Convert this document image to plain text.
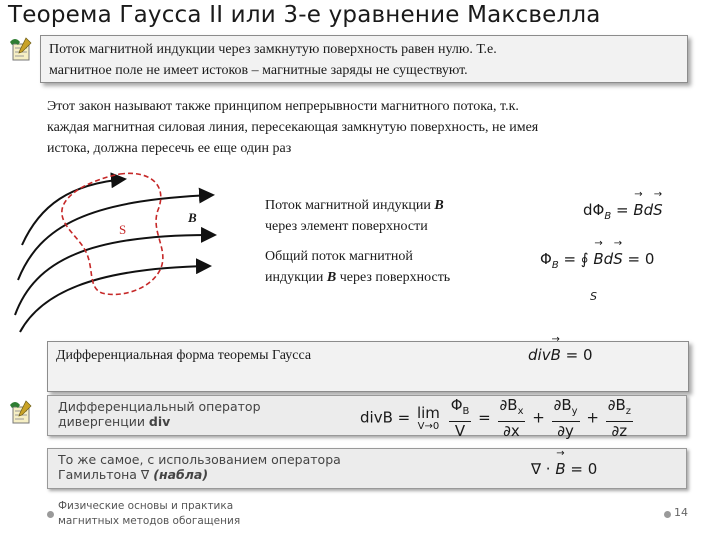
Теорема Гаусса II или 3-е уравнение Максвелла
Поток магнитной индукции через замкнутую поверхность равен нулю. Т.е.
магнитное поле не имеет истоков – магнитные заряды не существуют.
Этот закон называют также принципом непрерывности магнитного потока, т.к.
каждая магнитная силовая линия, пересекающая замкнутую поверхность, не имея
истока, должна пересечь ее еще один раз
B
S
Поток магнитной индукции B
через элемент поверхности
$d\Phi_B$ = → Bd→ S
Общий поток магнитной
индукции B через поверхность
$\Phi_B$ = ∮ → Bd→ S = 0
S
Дифференциальная форма теоремы Гаусса	div→ B = 0
Дифференциальный оператор
дивергенции div	divB = lim
V→0
$\frac{\Phi_B}{V} = \frac{\partial B_x}{\partial x} + \frac{\partial B_y}{\partial y} + \frac{\partial B_z}{\partial z}$
То же самое, с использованием оператора
Гамильтона ∇ (набла)	∇ · → B = 0
Физические основы и практика
магнитных методов обогащения
14
